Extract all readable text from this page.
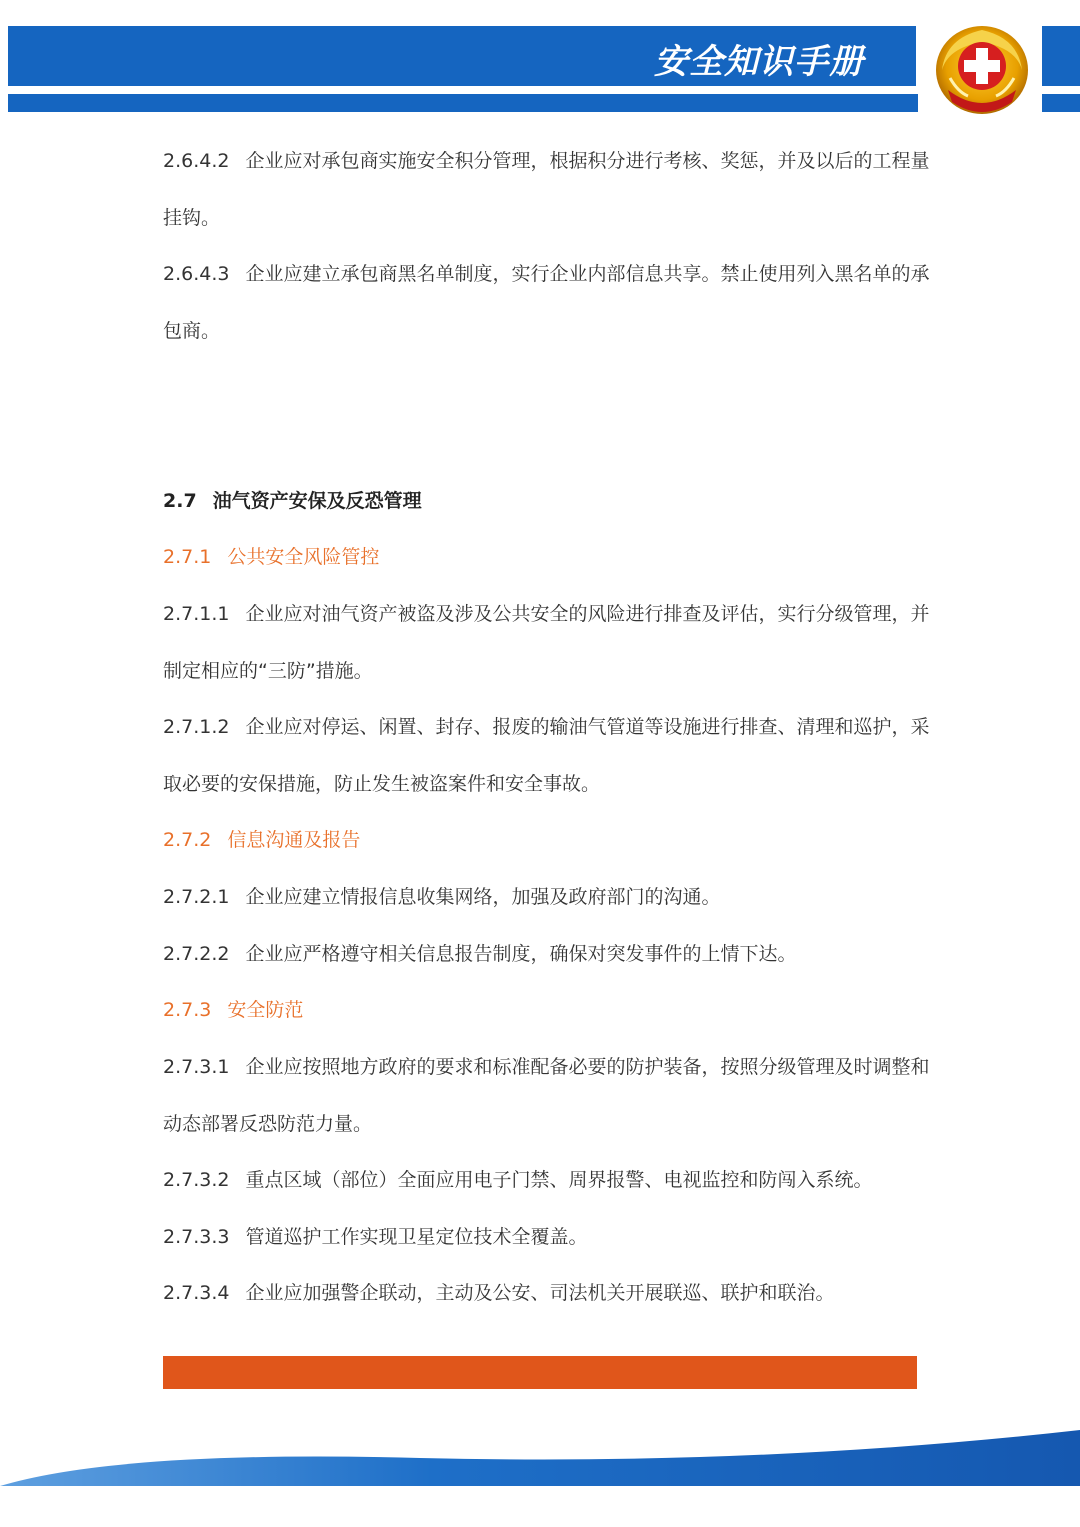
安全知识手册
2.6.4.2 企业应对承包商实施安全积分管理，根据积分进行考核、奖惩，并及以后的工程量
挂钩。
2.6.4.3 企业应建立承包商黑名单制度，实行企业内部信息共享。禁止使用列入黑名单的承
包商。
2.7 油气资产安保及反恐管理
2.7.1 公共安全风险管控
2.7.1.1 企业应对油气资产被盗及涉及公共安全的风险进行排查及评估，实行分级管理，并
制定相应的“三防”措施。
2.7.1.2 企业应对停运、闲置、封存、报废的输油气管道等设施进行排查、清理和巡护，采
取必要的安保措施，防止发生被盗案件和安全事故。
2.7.2 信息沟通及报告
2.7.2.1 企业应建立情报信息收集网络，加强及政府部门的沟通。
2.7.2.2 企业应严格遵守相关信息报告制度，确保对突发事件的上情下达。
2.7.3 安全防范
2.7.3.1 企业应按照地方政府的要求和标准配备必要的防护装备，按照分级管理及时调整和
动态部署反恐防范力量。
2.7.3.2 重点区域（部位）全面应用电子门禁、周界报警、电视监控和防闯入系统。
2.7.3.3 管道巡护工作实现卫星定位技术全覆盖。
2.7.3.4 企业应加强警企联动，主动及公安、司法机关开展联巡、联护和联治。
